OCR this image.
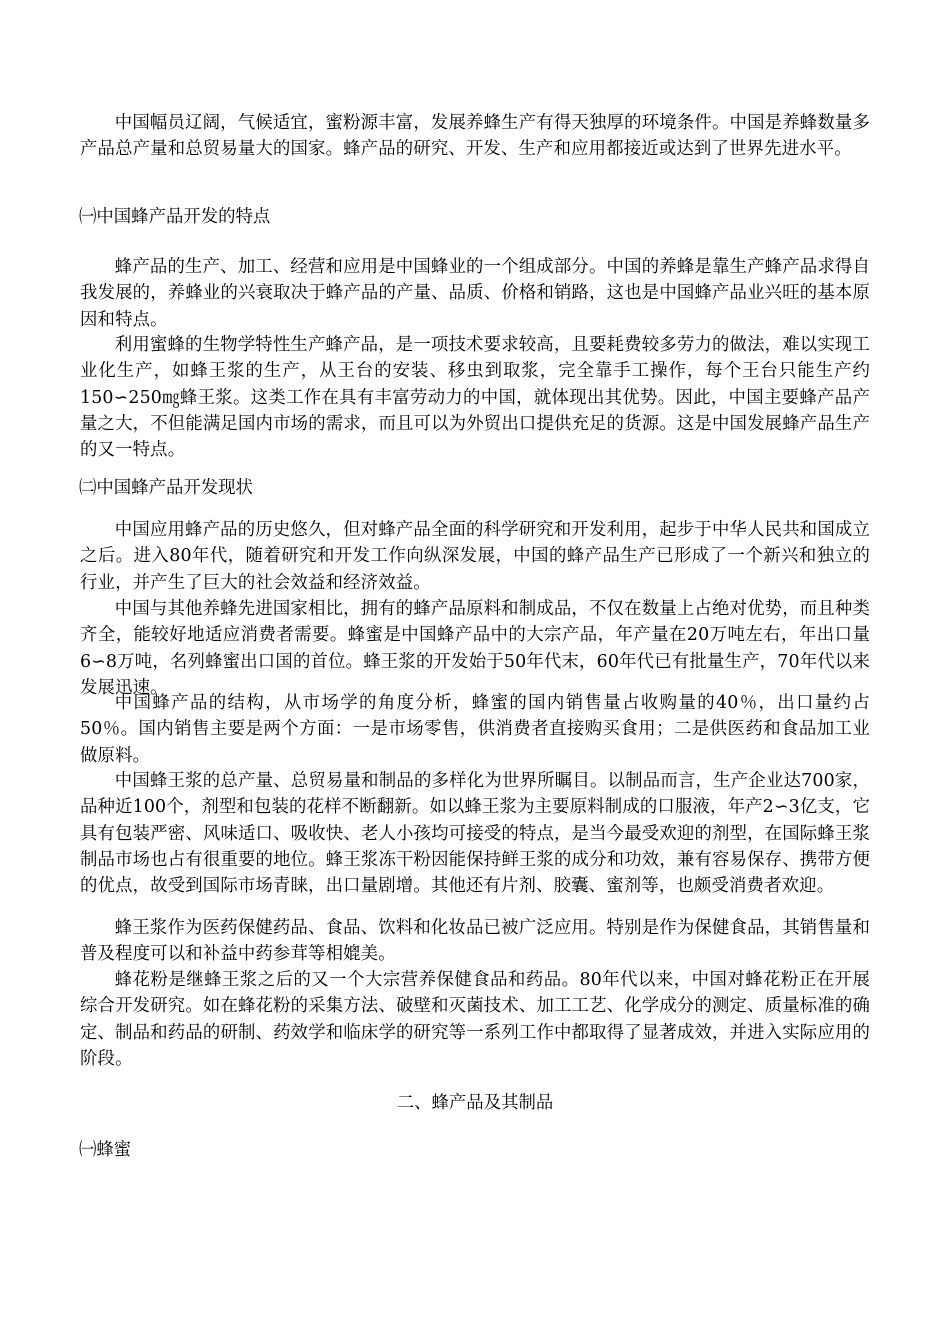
中国幅员辽阔，气候适宜，蜜粉源丰富，发展养蜂生产有得天独厚的环境条件。中国是养蜂数量多产品总产量和总贸易量大的国家。蜂产品的研究、开发、生产和应用都接近或达到了世界先进水平。

㈠中国蜂产品开发的特点

蜂产品的生产、加工、经营和应用是中国蜂业的一个组成部分。中国的养蜂是靠生产蜂产品求得自我发展的，养蜂业的兴衰取决于蜂产品的产量、品质、价格和销路，这也是中国蜂产品业兴旺的基本原因和特点。

利用蜜蜂的生物学特性生产蜂产品，是一项技术要求较高，且要耗费较多劳力的做法，难以实现工业化生产，如蜂王浆的生产，从王台的安装、移虫到取浆，完全靠手工操作，每个王台只能生产约150∽250㎎蜂王浆。这类工作在具有丰富劳动力的中国，就体现出其优势。因此，中国主要蜂产品产量之大，不但能满足国内市场的需求，而且可以为外贸出口提供充足的货源。这是中国发展蜂产品生产的又一特点。

㈡中国蜂产品开发现状

中国应用蜂产品的历史悠久，但对蜂产品全面的科学研究和开发利用，起步于中华人民共和国成立之后。进入80年代，随着研究和开发工作向纵深发展，中国的蜂产品生产已形成了一个新兴和独立的行业，并产生了巨大的社会效益和经济效益。

中国与其他养蜂先进国家相比，拥有的蜂产品原料和制成品，不仅在数量上占绝对优势，而且种类齐全，能较好地适应消费者需要。蜂蜜是中国蜂产品中的大宗产品，年产量在20万吨左右，年出口量6∽8万吨，名列蜂蜜出口国的首位。蜂王浆的开发始于50年代末，60年代已有批量生产，70年代以来发展迅速。

中国蜂产品的结构，从市场学的角度分析，蜂蜜的国内销售量占收购量的40％，出口量约占50％。国内销售主要是两个方面：一是市场零售，供消费者直接购买食用；二是供医药和食品加工业做原料。

中国蜂王浆的总产量、总贸易量和制品的多样化为世界所瞩目。以制品而言，生产企业达700家，品种近100个，剂型和包装的花样不断翻新。如以蜂王浆为主要原料制成的口服液，年产2∽3亿支，它具有包装严密、风味适口、吸收快、老人小孩均可接受的特点，是当今最受欢迎的剂型，在国际蜂王浆制品市场也占有很重要的地位。蜂王浆冻干粉因能保持鲜王浆的成分和功效，兼有容易保存、携带方便的优点，故受到国际市场青睐，出口量剧增。其他还有片剂、胶囊、蜜剂等，也颇受消费者欢迎。

蜂王浆作为医药保健药品、食品、饮料和化妆品已被广泛应用。特别是作为保健食品，其销售量和普及程度可以和补益中药参茸等相媲美。

蜂花粉是继蜂王浆之后的又一个大宗营养保健食品和药品。80年代以来，中国对蜂花粉正在开展综合开发研究。如在蜂花粉的采集方法、破壁和灭菌技术、加工工艺、化学成分的测定、质量标准的确定、制品和药品的研制、药效学和临床学的研究等一系列工作中都取得了显著成效，并进入实际应用的阶段。

二、蜂产品及其制品

㈠蜂蜜
